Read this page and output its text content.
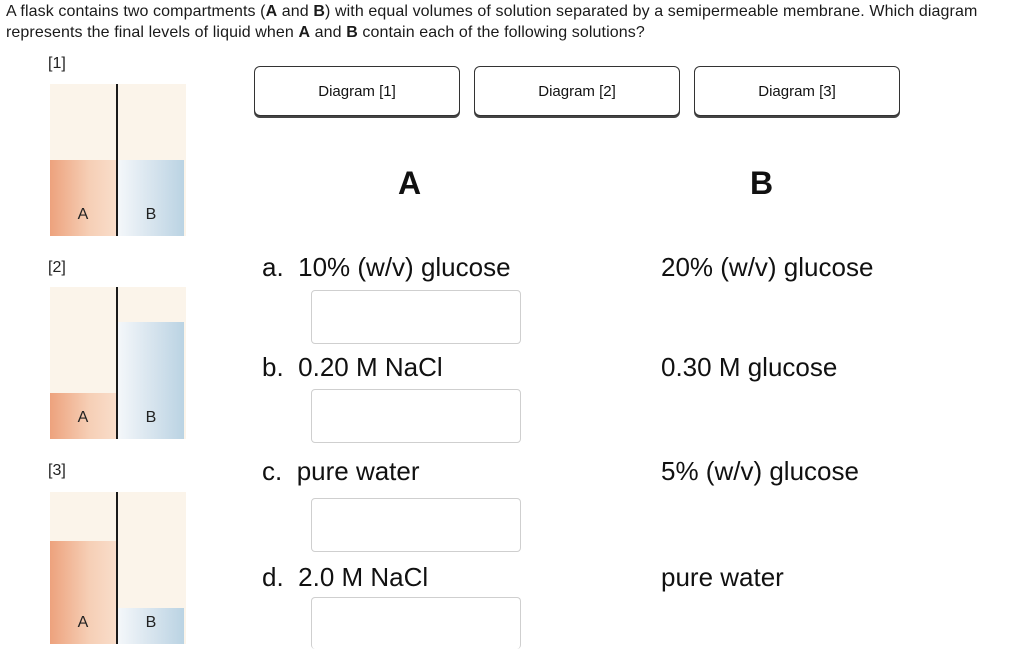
A flask contains two compartments (A and B) with equal volumes of solution separated by a semipermeable membrane. Which diagram represents the final levels of liquid when A and B contain each of the following solutions?
[1]
A	B
[2]
A	B
[3]
A	B
Diagram [1]	Diagram [2]	Diagram [3]
A	B
a. 10% (w/v) glucose	20% (w/v) glucose
b. 0.20 M NaCl	0.30 M glucose
c. pure water	5% (w/v) glucose
d. 2.0 M NaCl	pure water
